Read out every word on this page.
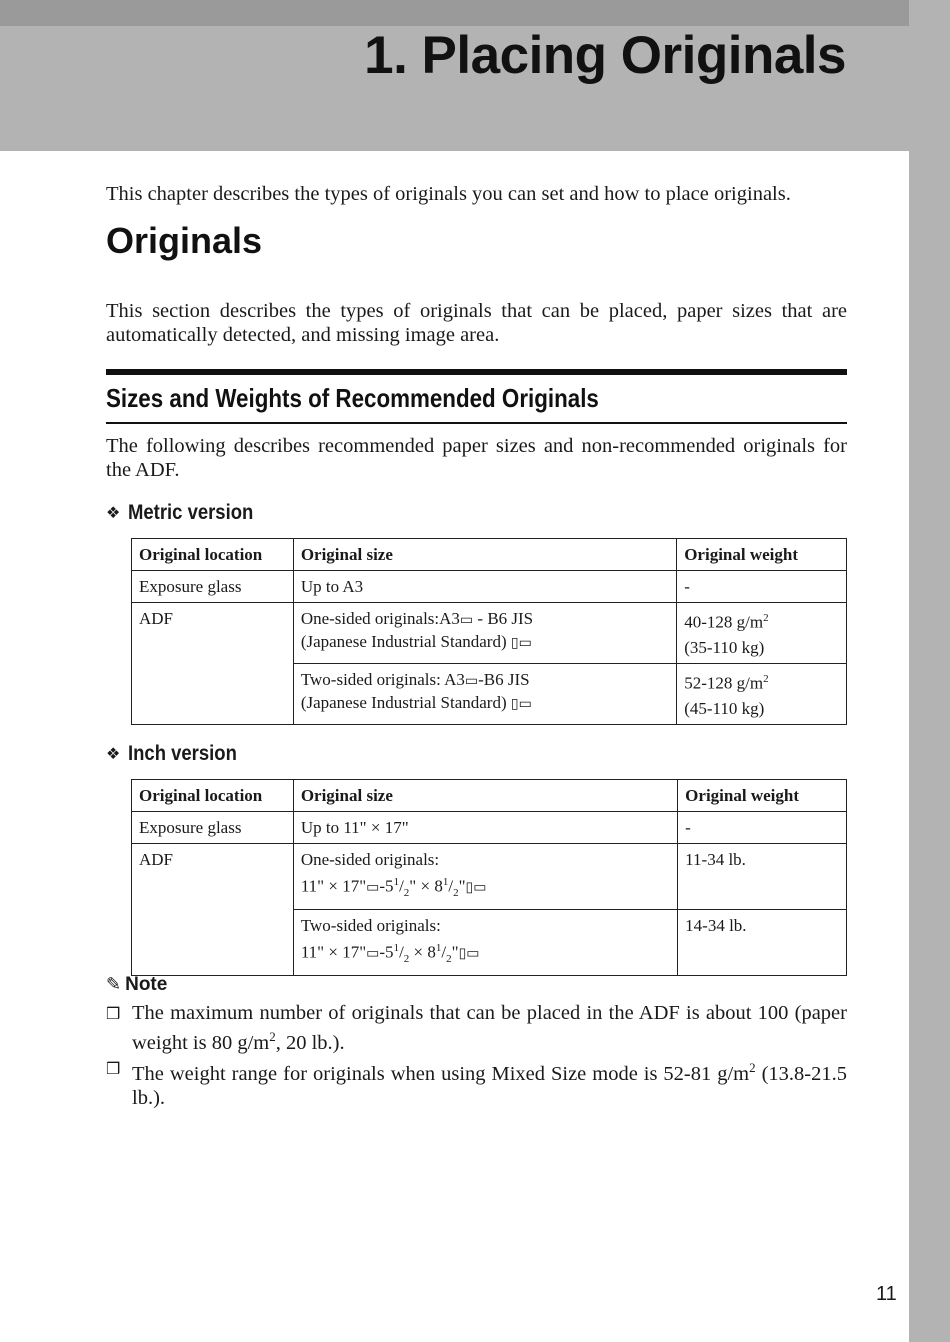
1. Placing Originals

This chapter describes the types of originals you can set and how to place originals.

Originals

This section describes the types of originals that can be placed, paper sizes that are automatically detected, and missing image area.

Sizes and Weights of Recommended Originals

The following describes recommended paper sizes and non-recommended originals for the ADF.

❖ Metric version
Original location	Original size	Original weight
Exposure glass	Up to A3	-
ADF	One-sided originals:A3▭ - B6 JIS
(Japanese Industrial Standard) ▯▭	40-128 $g/m^2$
(35-110 kg)

	Two-sided originals: A3▭-B6 JIS
(Japanese Industrial Standard) ▯▭	52-128 $g/m^2$
(45-110 kg)
❖ Inch version
Original location	Original size	Original weight
Exposure glass	Up to 11" × 17"	-
ADF	One-sided originals:
11" × $17"▭-5^1/_2$" × $8^1/_2"▯▭$	11-34 lb.

	Two-sided originals:
11" × $17"▭-5^1/_2$ × $8^1/_2"▯▭$	14-34 lb.
✎ Note
❒ The maximum number of originals that can be placed in the ADF is about 100 (paper weight is 80 $g/m^2$, 20 lb.).
❒ The weight range for originals when using Mixed Size mode is 52-81 $g/m^2$ (13.8-21.5 lb.).
11
